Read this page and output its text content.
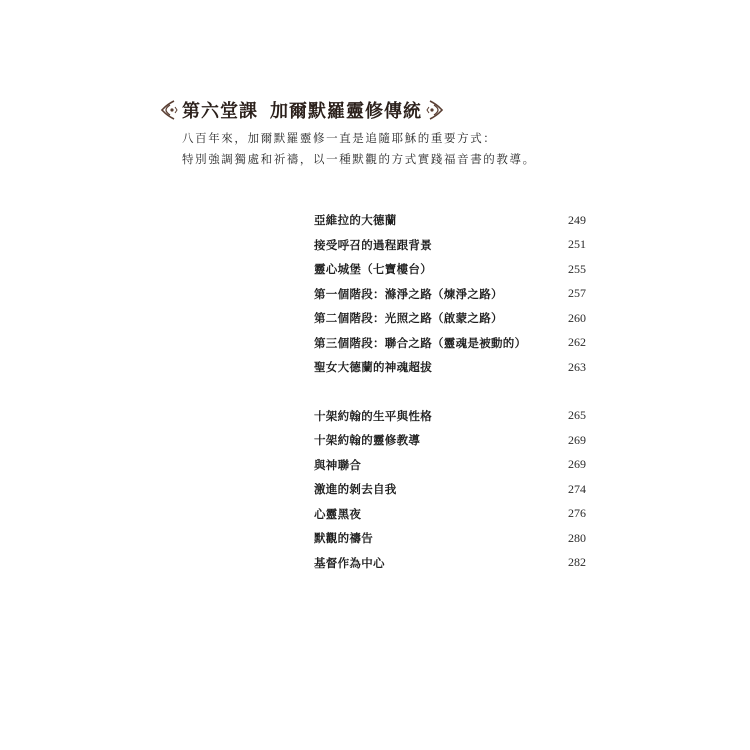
第六堂課 加爾默羅靈修傳統
八百年來，加爾默羅靈修一直是追隨耶穌的重要方式：
特別強調獨處和祈禱，以一種默觀的方式實踐福音書的教導。
亞維拉的大德蘭	249
接受呼召的過程跟背景	251
靈心城堡（七寶樓台）	255
第一個階段：滌淨之路（煉淨之路）	257
第二個階段：光照之路（啟蒙之路）	260
第三個階段：聯合之路（靈魂是被動的）	262
聖女大德蘭的神魂超拔	263
十架約翰的生平與性格	265
十架約翰的靈修教導	269
與神聯合	269
激進的剝去自我	274
心靈黑夜	276
默觀的禱告	280
基督作為中心	282
